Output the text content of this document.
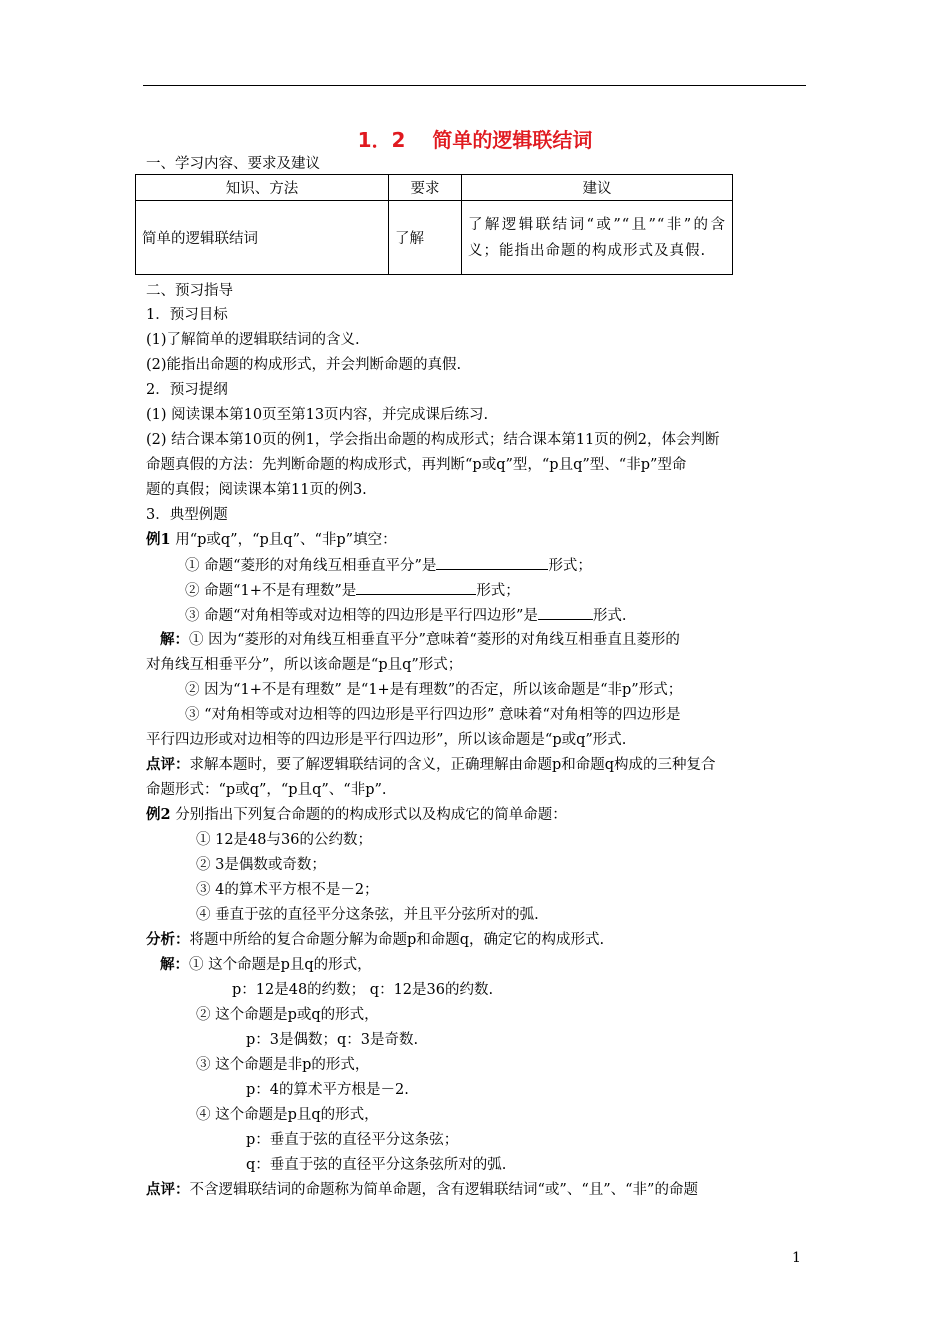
1．2　 简单的逻辑联结词
一、学习内容、要求及建议
知识、方法	要求	建议
简单的逻辑联结词	了解	了解逻辑联结词“或”“且”“非”的含义；能指出命题的构成形式及真假.
二、预习指导
1．预习目标
(1)了解简单的逻辑联结词的含义.
(2)能指出命题的构成形式，并会判断命题的真假.
2．预习提纲
(1) 阅读课本第10页至第13页内容，并完成课后练习.
(2) 结合课本第10页的例1，学会指出命题的构成形式；结合课本第11页的例2，体会判断
命题真假的方法：先判断命题的构成形式，再判断“p或q”型，“p且q”型、“非p”型命
题的真假；阅读课本第11页的例3.
3．典型例题
例1 用“p或q”，“p且q”、“非p”填空：
① 命题“菱形的对角线互相垂直平分”是	形式；
② 命题“1+不是有理数”是	形式；
③ 命题“对角相等或对边相等的四边形是平行四边形”是	形式.
解：① 因为“菱形的对角线互相垂直平分”意味着“菱形的对角线互相垂直且菱形的
对角线互相垂平分”，所以该命题是“p且q”形式；
② 因为“1+不是有理数” 是“1+是有理数”的否定，所以该命题是“非p”形式；
③ “对角相等或对边相等的四边形是平行四边形” 意味着“对角相等的四边形是
平行四边形或对边相等的四边形是平行四边形”，所以该命题是“p或q”形式.
点评：求解本题时，要了解逻辑联结词的含义，正确理解由命题p和命题q构成的三种复合
命题形式：“p或q”，“p且q”、“非p”.
例2 分别指出下列复合命题的的构成形式以及构成它的简单命题：
① 12是48与36的公约数；
② 3是偶数或奇数；
③ 4的算术平方根不是－2；
④ 垂直于弦的直径平分这条弦，并且平分弦所对的弧.
分析：将题中所给的复合命题分解为命题p和命题q，确定它的构成形式.
解：① 这个命题是p且q的形式，
p：12是48的约数； q：12是36的约数.
② 这个命题是p或q的形式，
p：3是偶数；q：3是奇数.
③ 这个命题是非p的形式，
p：4的算术平方根是－2.
④ 这个命题是p且q的形式，
p：垂直于弦的直径平分这条弦；
q：垂直于弦的直径平分这条弦所对的弧.
点评：不含逻辑联结词的命题称为简单命题，含有逻辑联结词“或”、“且”、“非”的命题
1
